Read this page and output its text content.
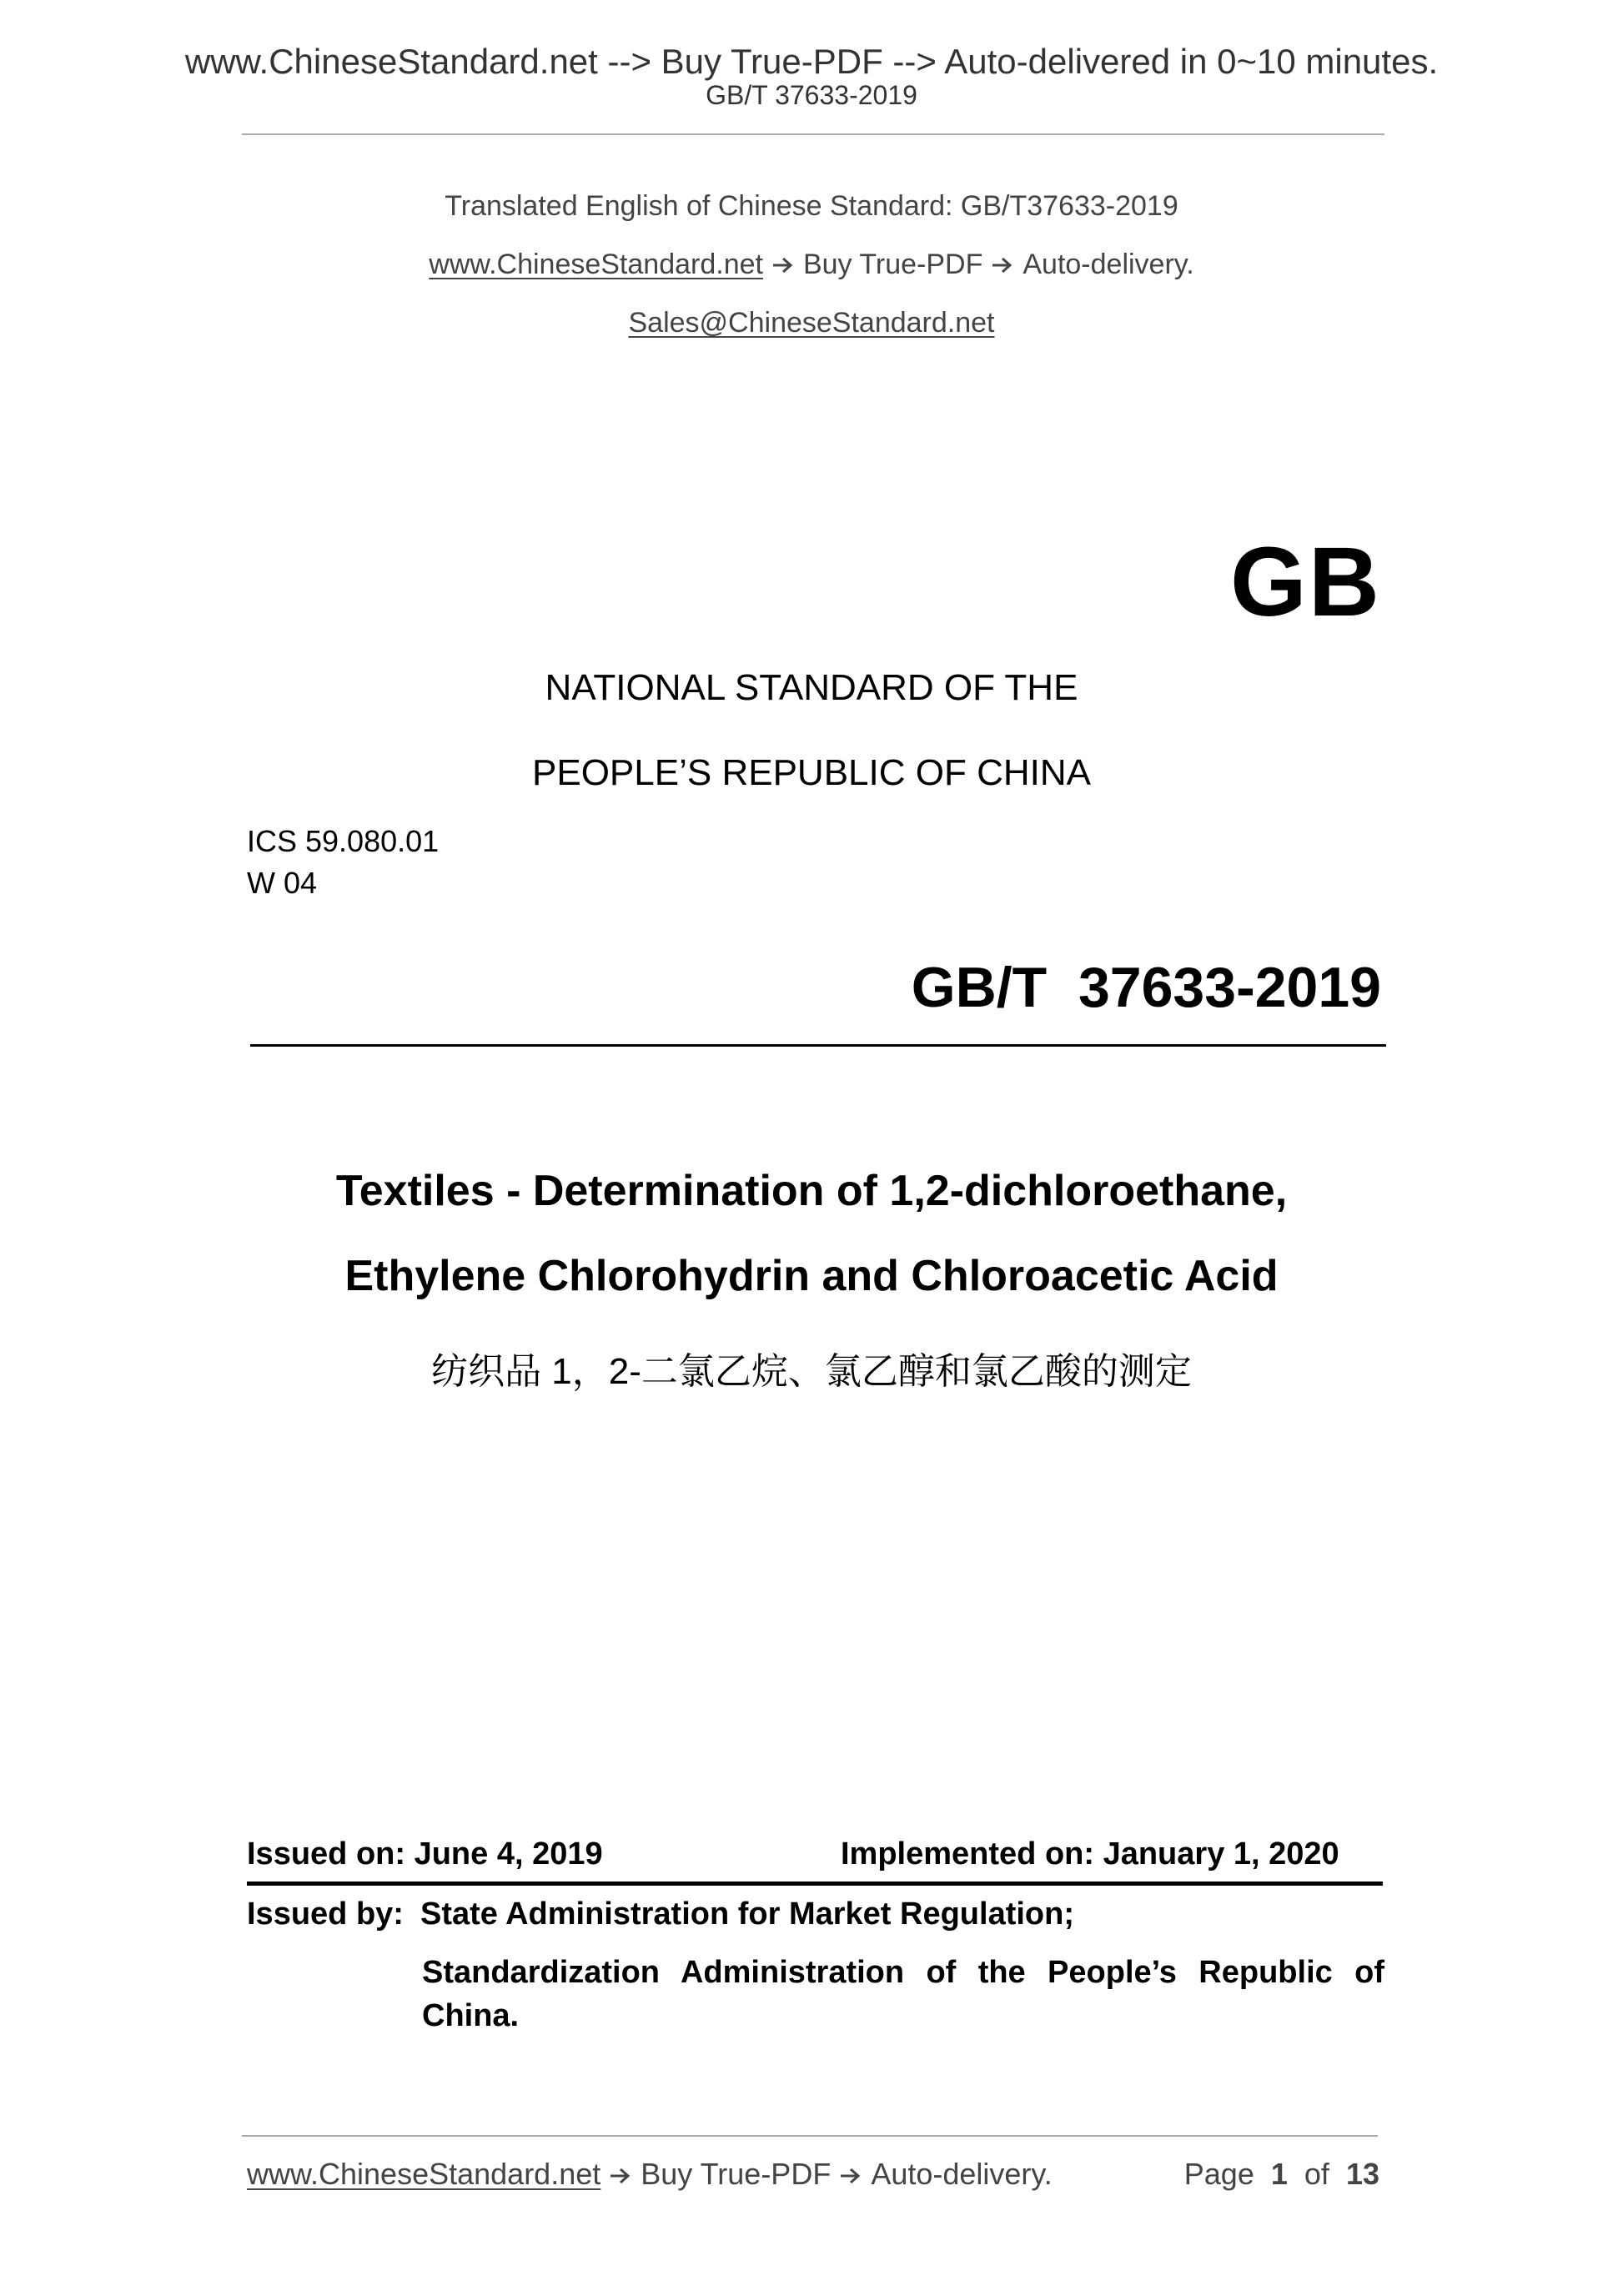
www.ChineseStandard.net --> Buy True-PDF --> Auto-delivered in 0~10 minutes.
GB/T 37633-2019
Translated English of Chinese Standard: GB/T37633-2019
www.ChineseStandard.net Buy True-PDF Auto-delivery.
Sales@ChineseStandard.net
GB
NATIONAL STANDARD OF THE
PEOPLE’S REPUBLIC OF CHINA
ICS 59.080.01
W 04
GB/T  37633-2019
Textiles - Determination of 1,2-dichloroethane,
Ethylene Chlorohydrin and Chloroacetic Acid
纺织品 1，2-二氯乙烷、氯乙醇和氯乙酸的测定
Issued on: June 4, 2019	Implemented on: January 1, 2020
Issued by: State Administration for Market Regulation;
Standardization Administration of the People’s Republic of
China.
www.ChineseStandard.net Buy True-PDF Auto-delivery.	Page 1 of 13
